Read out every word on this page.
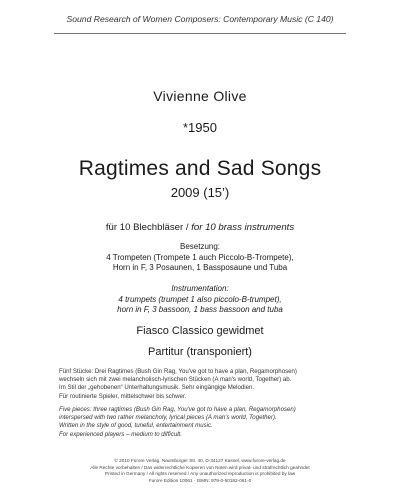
Sound Research of Women Composers: Contemporary Music (C 140)
Vivienne Olive
*1950
Ragtimes and Sad Songs
2009 (15’)
für 10 Blechbläser / for 10 brass instruments
Besetzung:
4 Trompeten (Trompete 1 auch Piccolo-B-Trompete),
Horn in F, 3 Posaunen, 1 Bassposaune und Tuba
Instrumentation:
4 trumpets (trumpet 1 also piccolo-B-trumpet),
horn in F, 3 bassoon, 1 bass bassoon and tuba
Fiasco Classico gewidmet
Partitur (transponiert)

Fünf Stücke: Drei Ragtimes (Bush Gin Rag, You've got to have a plan, Regamorphosen)

wechseln sich mit zwei melancholisch-lyrischen Stücken (A man's world, Together) ab.

Im Stil der „gehobenen“ Unterhaltungsmusik. Sehr eingängige Melodien.

Für routinierte Spieler, mittelschwer bis schwer.

Five pieces: three ragtimes (Bush Gin Rag, You've got to have a plan, Regamorphosen)

interspersed with two rather melancholy, lyrical pieces (A man's world, Together).

Written in the style of good, tuneful, entertainment music.

For experienced players – medium to difficult.

© 2010 Furore Verlag, Naumburger Str. 40, D-34127 Kassel, www.furore-verlag.de
Alle Rechte vorbehalten / Das widerrechtliche Kopieren von Noten wird privat- und strafrechtlich geahndet
Printed in Germany / All rights reserved / Any unauthorized reproduction is prohibited by law
Furore Edition 10061 · ISMN: 979-0-50182-061-0
